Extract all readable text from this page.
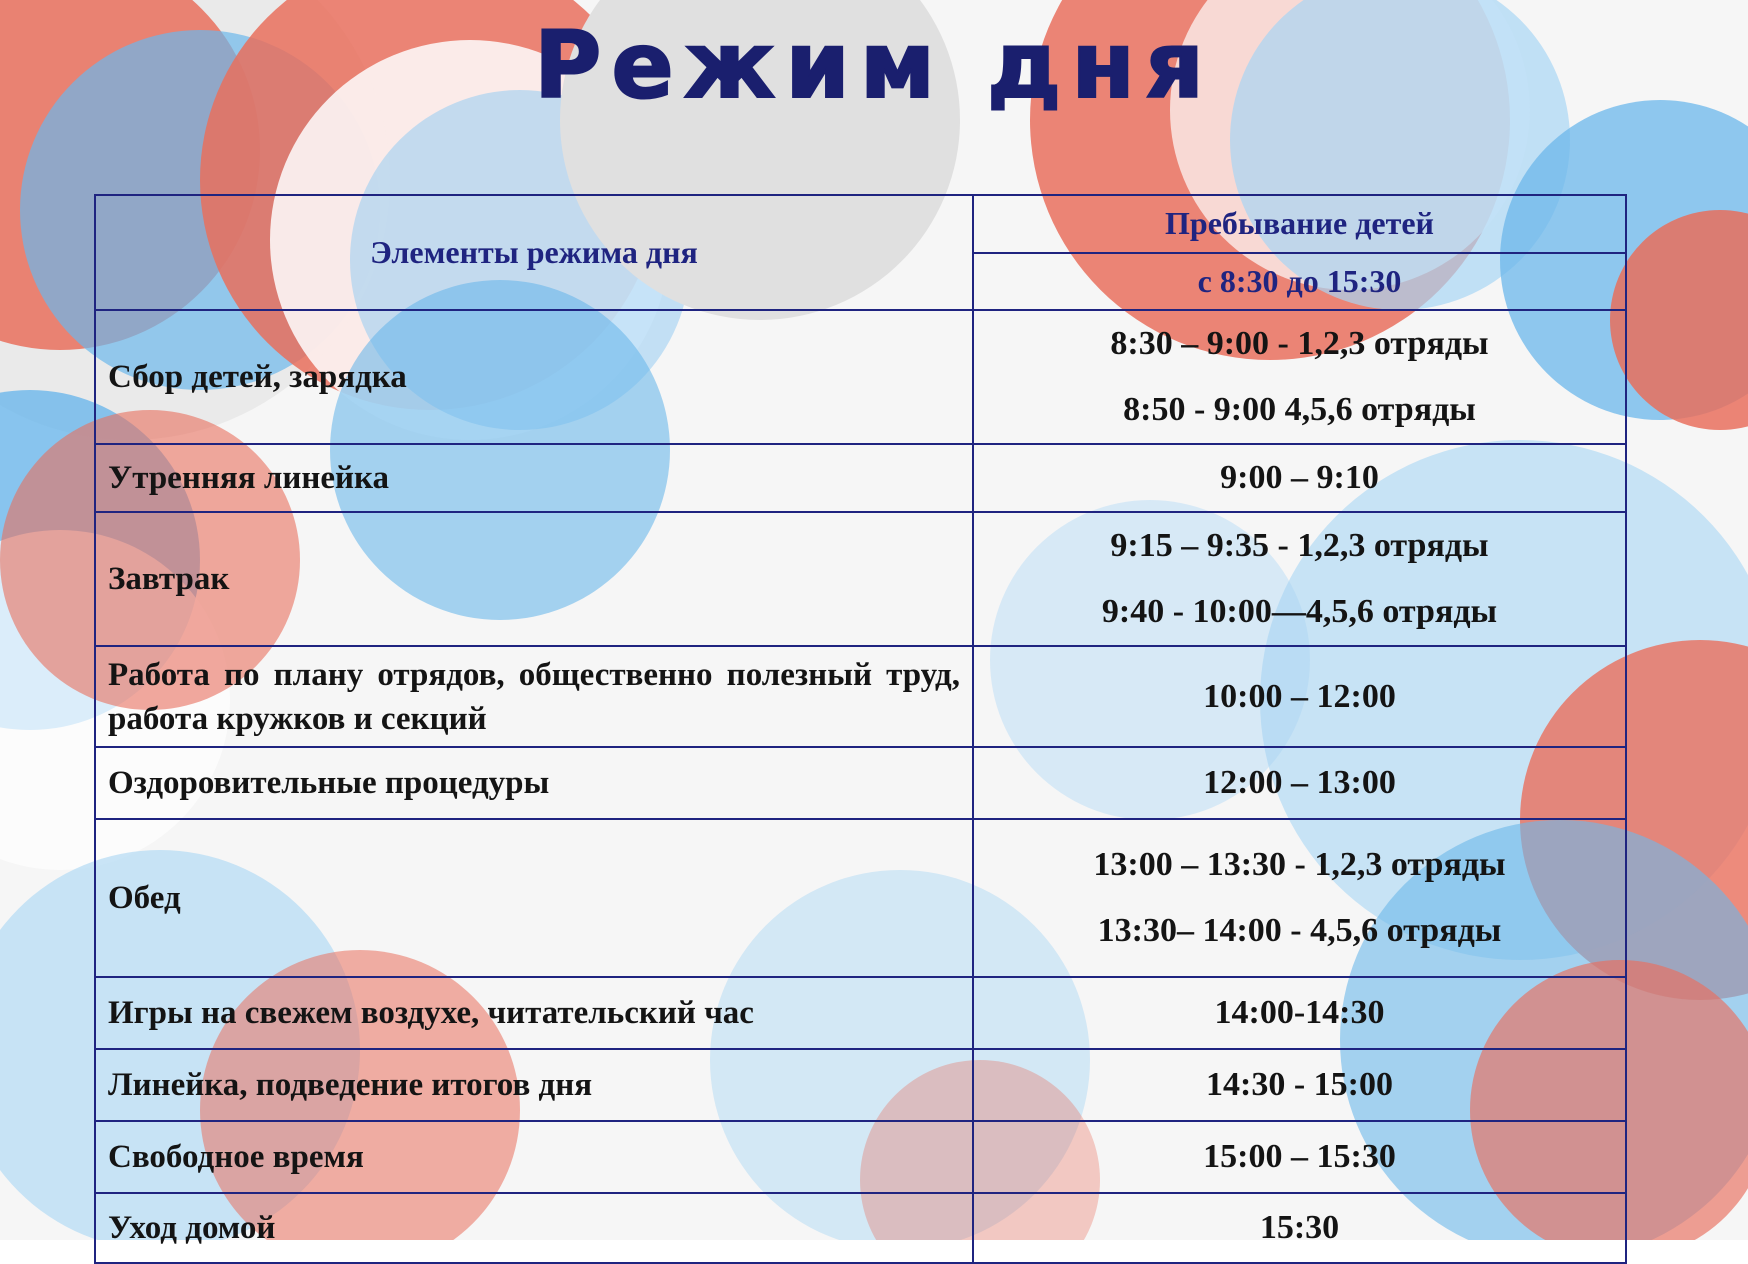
Режим дня
Элементы режима дня	Пребывание детей
	с 8:30 до 15:30
Сбор детей, зарядка	8:30 – 9:00 - 1,2,3 отряды
8:50 - 9:00 4,5,6 отряды

Утренняя линейка	9:00 – 9:10

Завтрак	9:15 – 9:35 - 1,2,3 отряды
9:40 - 10:00—4,5,6 отряды

Работа по плану отрядов, общественно полезный труд, работа кружков и секций	10:00 – 12:00

Оздоровительные процедуры	12:00 – 13:00

Обед	13:00 – 13:30 - 1,2,3 отряды
13:30– 14:00 - 4,5,6 отряды

Игры на свежем воздухе, читательский час	14:00-14:30

Линейка, подведение итогов дня	14:30 - 15:00

Свободное время	15:00 – 15:30

Уход домой	15:30
